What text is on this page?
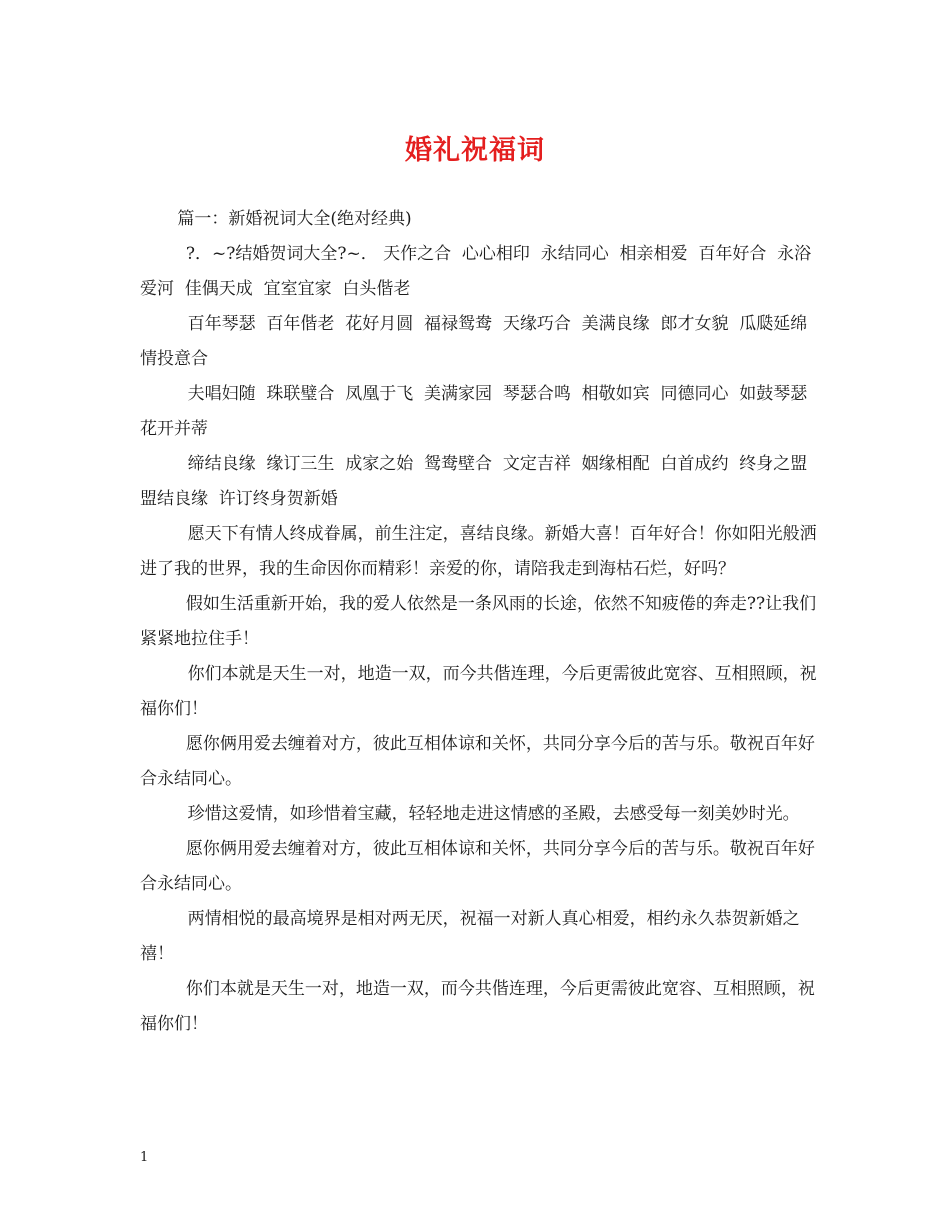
婚礼祝福词

篇一：新婚祝词大全(绝对经典)

?．~?结婚贺词大全?~． 天作之合  心心相印  永结同心  相亲相爱  百年好合  永浴爱河  佳偶天成  宜室宜家  白头偕老

百年琴瑟  百年偕老  花好月圆  福禄鸳鸯  天缘巧合  美满良缘  郎才女貌  瓜瓞延绵  情投意合

夫唱妇随  珠联璧合  凤凰于飞  美满家园  琴瑟合鸣  相敬如宾  同德同心  如鼓琴瑟  花开并蒂

缔结良缘  缘订三生  成家之始  鸳鸯壁合  文定吉祥  姻缘相配  白首成约  终身之盟  盟结良缘  许订终身贺新婚

愿天下有情人终成眷属，前生注定，喜结良缘。新婚大喜！百年好合！你如阳光般洒进了我的世界，我的生命因你而精彩！亲爱的你，请陪我走到海枯石烂，好吗？

假如生活重新开始，我的爱人依然是一条风雨的长途，依然不知疲倦的奔走??让我们紧紧地拉住手！

你们本就是天生一对，地造一双，而今共偕连理，今后更需彼此宽容、互相照顾，祝福你们！

愿你俩用爱去缠着对方，彼此互相体谅和关怀，共同分享今后的苦与乐。敬祝百年好合永结同心。

珍惜这爱情，如珍惜着宝藏，轻轻地走进这情感的圣殿，去感受每一刻美妙时光。

愿你俩用爱去缠着对方，彼此互相体谅和关怀，共同分享今后的苦与乐。敬祝百年好合永结同心。

两情相悦的最高境界是相对两无厌，祝福一对新人真心相爱，相约永久恭贺新婚之禧！

你们本就是天生一对，地造一双，而今共偕连理，今后更需彼此宽容、互相照顾，祝福你们！

1
